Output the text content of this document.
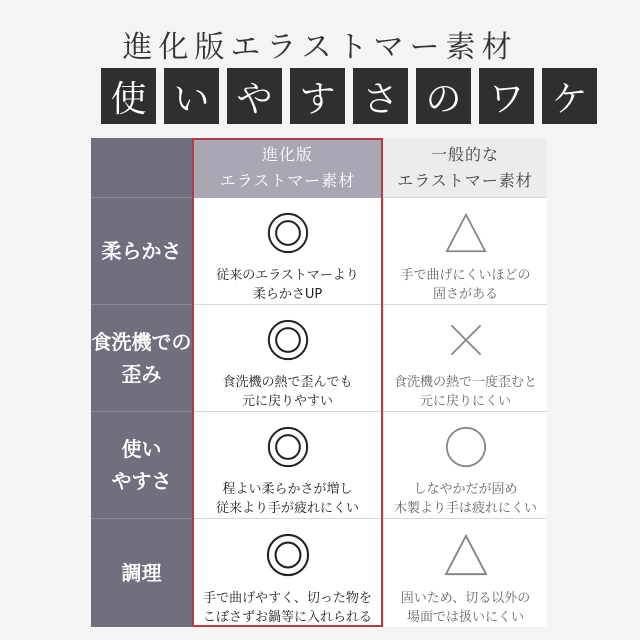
進化版エラストマー素材
使 い や す さ の ワ ケ
進化版
エラストマー素材
一般的な
エラストマー素材
柔らかさ
従来のエラストマーより
柔らかさUP
手で曲げにくいほどの
固さがある
食洗機での
歪み	食洗機の熱で歪んでも
元に戻りやすい
食洗機の熱で一度歪むと
元に戻りにくい
使い
やすさ	程よい柔らかさが増し
従来より手が疲れにくい
しなやかだが固め
木製より手は疲れにくい
調理
手で曲げやすく、切った物を
こぼさずお鍋等に入れられる
固いため、切る以外の
場面では扱いにくい
